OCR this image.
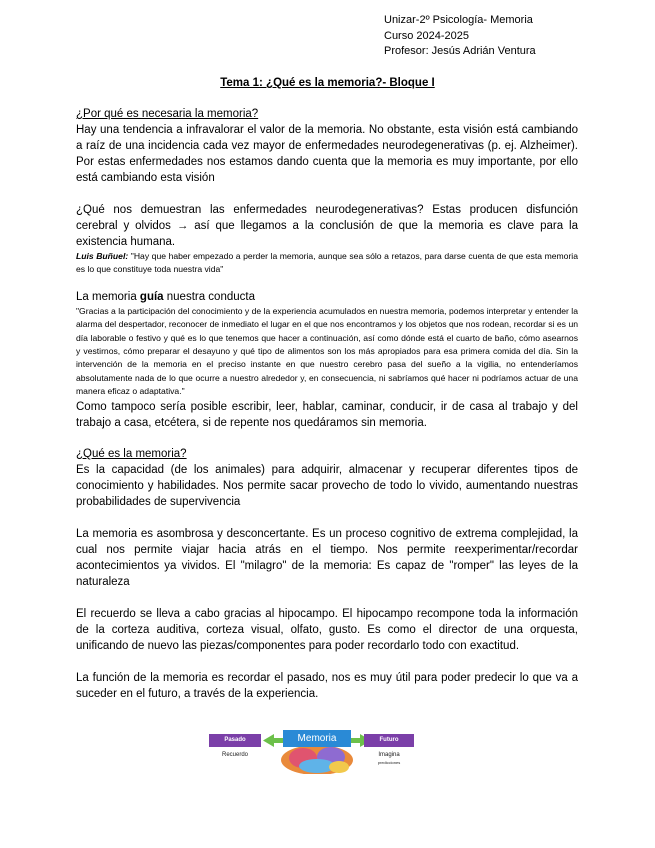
Unizar-2º Psicología- Memoria
Curso 2024-2025
Profesor: Jesús Adrián Ventura
Tema 1: ¿Qué es la memoria?- Bloque I
¿Por qué es necesaria la memoria?

Hay una tendencia a infravalorar el valor de la memoria. No obstante, esta visión está cambiando a raíz de una incidencia cada vez mayor de enfermedades neurodegenerativas (p. ej. Alzheimer). Por estas enfermedades nos estamos dando cuenta que la memoria es muy importante, por ello está cambiando esta visión

¿Qué nos demuestran las enfermedades neurodegenerativas? Estas producen disfunción cerebral y olvidos → así que llegamos a la conclusión de que la memoria es clave para la existencia humana.

Luis Buñuel: "Hay que haber empezado a perder la memoria, aunque sea sólo a retazos, para darse cuenta de que esta memoria es lo que constituye toda nuestra vida"

La memoria guía nuestra conducta

"Gracias a la participación del conocimiento y de la experiencia acumulados en nuestra memoria, podemos interpretar y entender la alarma del despertador, reconocer de inmediato el lugar en el que nos encontramos y los objetos que nos rodean, recordar si es un día laborable o festivo y qué es lo que tenemos que hacer a continuación, así como dónde está el cuarto de baño, cómo asearnos y vestirnos, cómo preparar el desayuno y qué tipo de alimentos son los más apropiados para esa primera comida del día. Sin la intervención de la memoria en el preciso instante en que nuestro cerebro pasa del sueño a la vigilia, no entenderíamos absolutamente nada de lo que ocurre a nuestro alrededor y, en consecuencia, ni sabríamos qué hacer ni podríamos actuar de una manera eficaz o adaptativa."

Como tampoco sería posible escribir, leer, hablar, caminar, conducir, ir de casa al trabajo y del trabajo a casa, etcétera, si de repente nos quedáramos sin memoria.

¿Qué es la memoria?

Es la capacidad (de los animales) para adquirir, almacenar y recuperar diferentes tipos de conocimiento y habilidades. Nos permite sacar provecho de todo lo vivido, aumentando nuestras probabilidades de supervivencia

La memoria es asombrosa y desconcertante. Es un proceso cognitivo de extrema complejidad, la cual nos permite viajar hacia atrás en el tiempo. Nos permite reexperimentar/recordar acontecimientos ya vividos. El "milagro" de la memoria: Es capaz de "romper" las leyes de la naturaleza

El recuerdo se lleva a cabo gracias al hipocampo. El hipocampo recompone toda la información de la corteza auditiva, corteza visual, olfato, gusto. Es como el director de una orquesta, unificando de nuevo las piezas/componentes para poder recordarlo todo con exactitud.

La función de la memoria es recordar el pasado, nos es muy útil para poder predecir lo que va a suceder en el futuro, a través de la experiencia.

Memoria
Pasado	Futuro
Recuerdo	Imagina
predicciones
